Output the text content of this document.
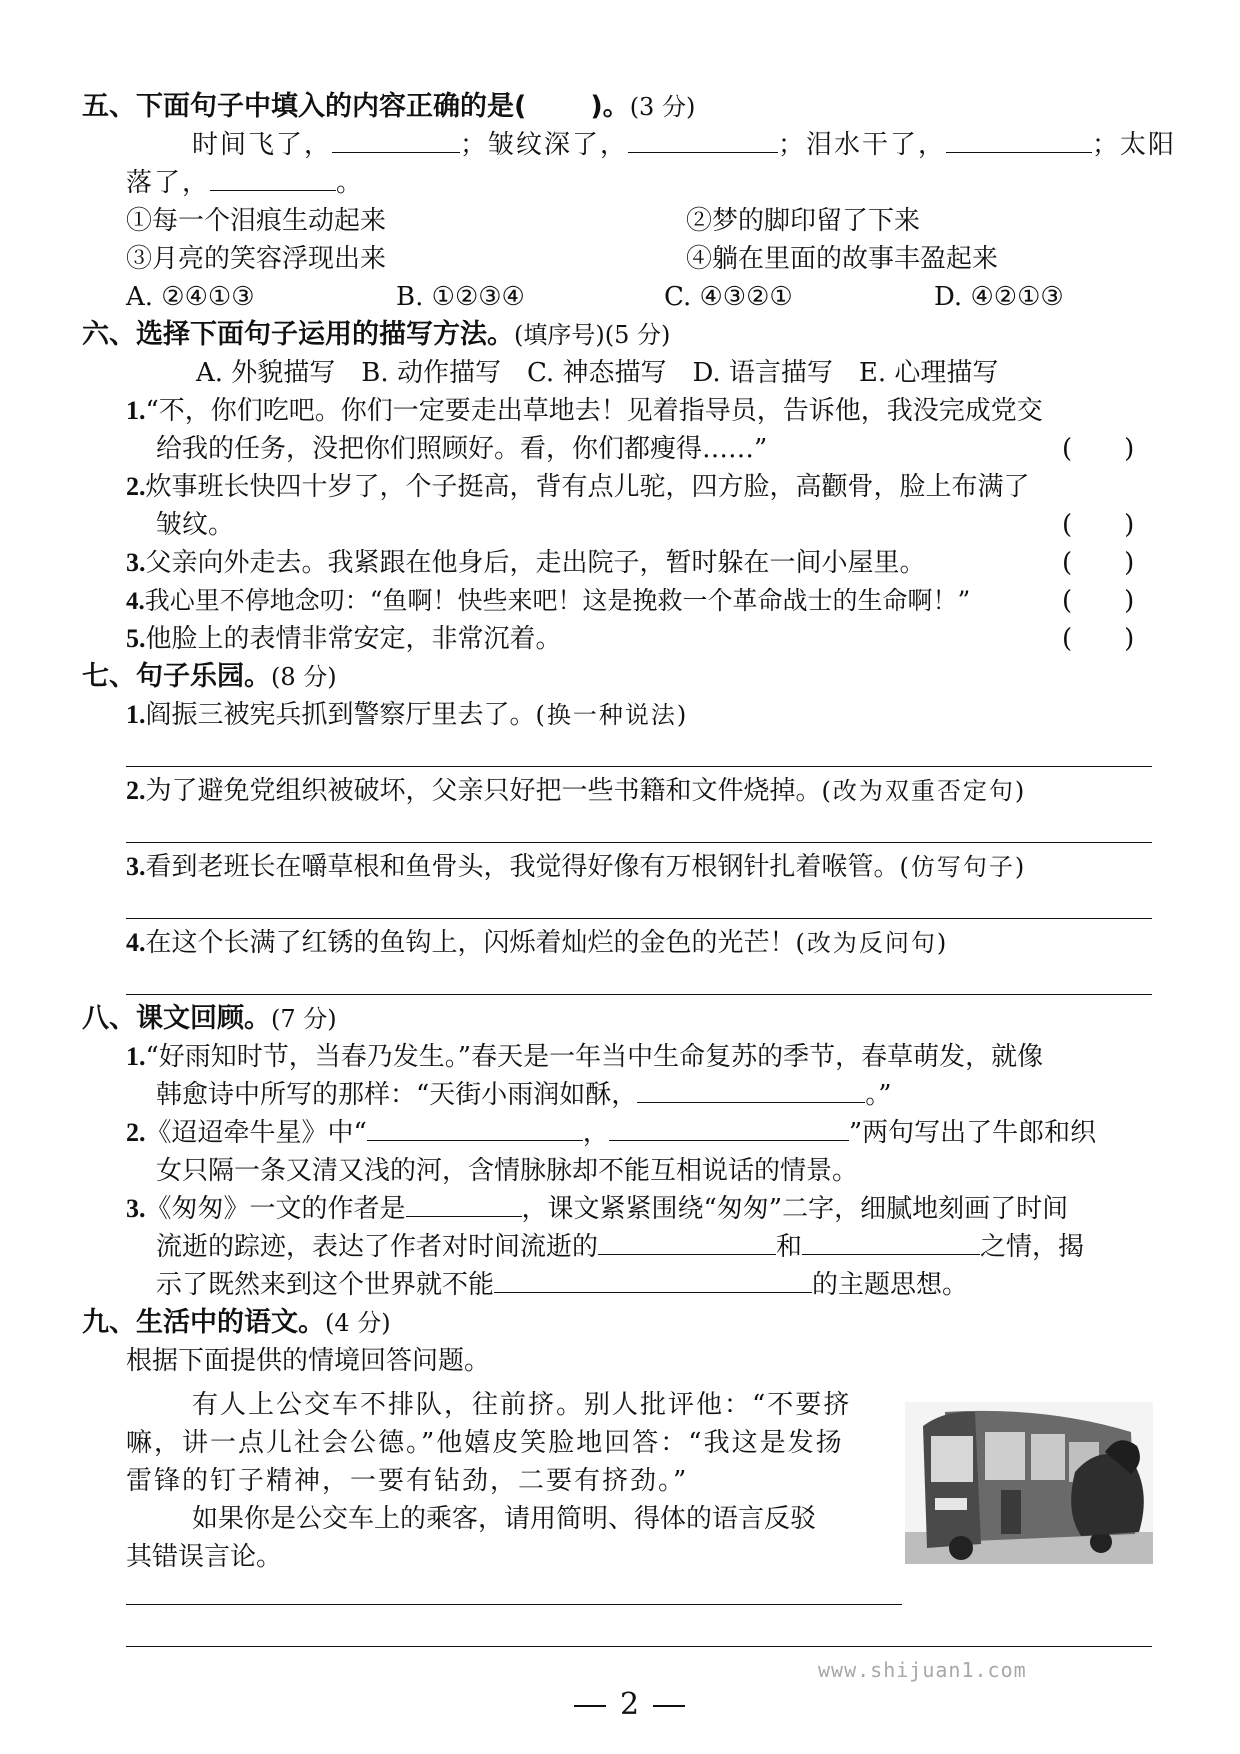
五、下面句子中填入的内容正确的是( )。(3 分)
时间飞了，	；皱纹深了，	；泪水干了，	；太阳
落了，	。
①每一个泪痕生动起来	②梦的脚印留了下来
③月亮的笑容浮现出来	④躺在里面的故事丰盈起来
A. ②④①③	B. ①②③④	C. ④③②①	D. ④②①③
六、选择下面句子运用的描写方法。(填序号)(5 分)
A. 外貌描写　B. 动作描写　C. 神态描写　D. 语言描写　E. 心理描写
1.“不，你们吃吧。你们一定要走出草地去！见着指导员，告诉他，我没完成党交
给我的任务，没把你们照顾好。看，你们都瘦得……”	(　　)
2.炊事班长快四十岁了，个子挺高，背有点儿驼，四方脸，高颧骨，脸上布满了
皱纹。	(　　)
3.父亲向外走去。我紧跟在他身后，走出院子，暂时躲在一间小屋里。	(　　)
4.我心里不停地念叨：“鱼啊！快些来吧！这是挽救一个革命战士的生命啊！”	(　　)
5.他脸上的表情非常安定，非常沉着。	(　　)
七、句子乐园。(8 分)
1.阎振三被宪兵抓到警察厅里去了。(换一种说法)
2.为了避免党组织被破坏，父亲只好把一些书籍和文件烧掉。(改为双重否定句)
3.看到老班长在嚼草根和鱼骨头，我觉得好像有万根钢针扎着喉管。(仿写句子)
4.在这个长满了红锈的鱼钩上，闪烁着灿烂的金色的光芒！(改为反问句)
八、课文回顾。(7 分)
1.“好雨知时节，当春乃发生。”春天是一年当中生命复苏的季节，春草萌发，就像
韩愈诗中所写的那样：“天街小雨润如酥，	。”
2.《迢迢牵牛星》中“	，	”两句写出了牛郎和织
女只隔一条又清又浅的河，含情脉脉却不能互相说话的情景。
3.《匆匆》一文的作者是	，课文紧紧围绕“匆匆”二字，细腻地刻画了时间
流逝的踪迹，表达了作者对时间流逝的	和	之情，揭
示了既然来到这个世界就不能	的主题思想。
九、生活中的语文。(4 分)
根据下面提供的情境回答问题。
有人上公交车不排队，往前挤。别人批评他：“不要挤
嘛，讲一点儿社会公德。”他嬉皮笑脸地回答：“我这是发扬
雷锋的钉子精神，一要有钻劲，二要有挤劲。”
如果你是公交车上的乘客，请用简明、得体的语言反驳
其错误言论。
www.shijuan1.com
2
